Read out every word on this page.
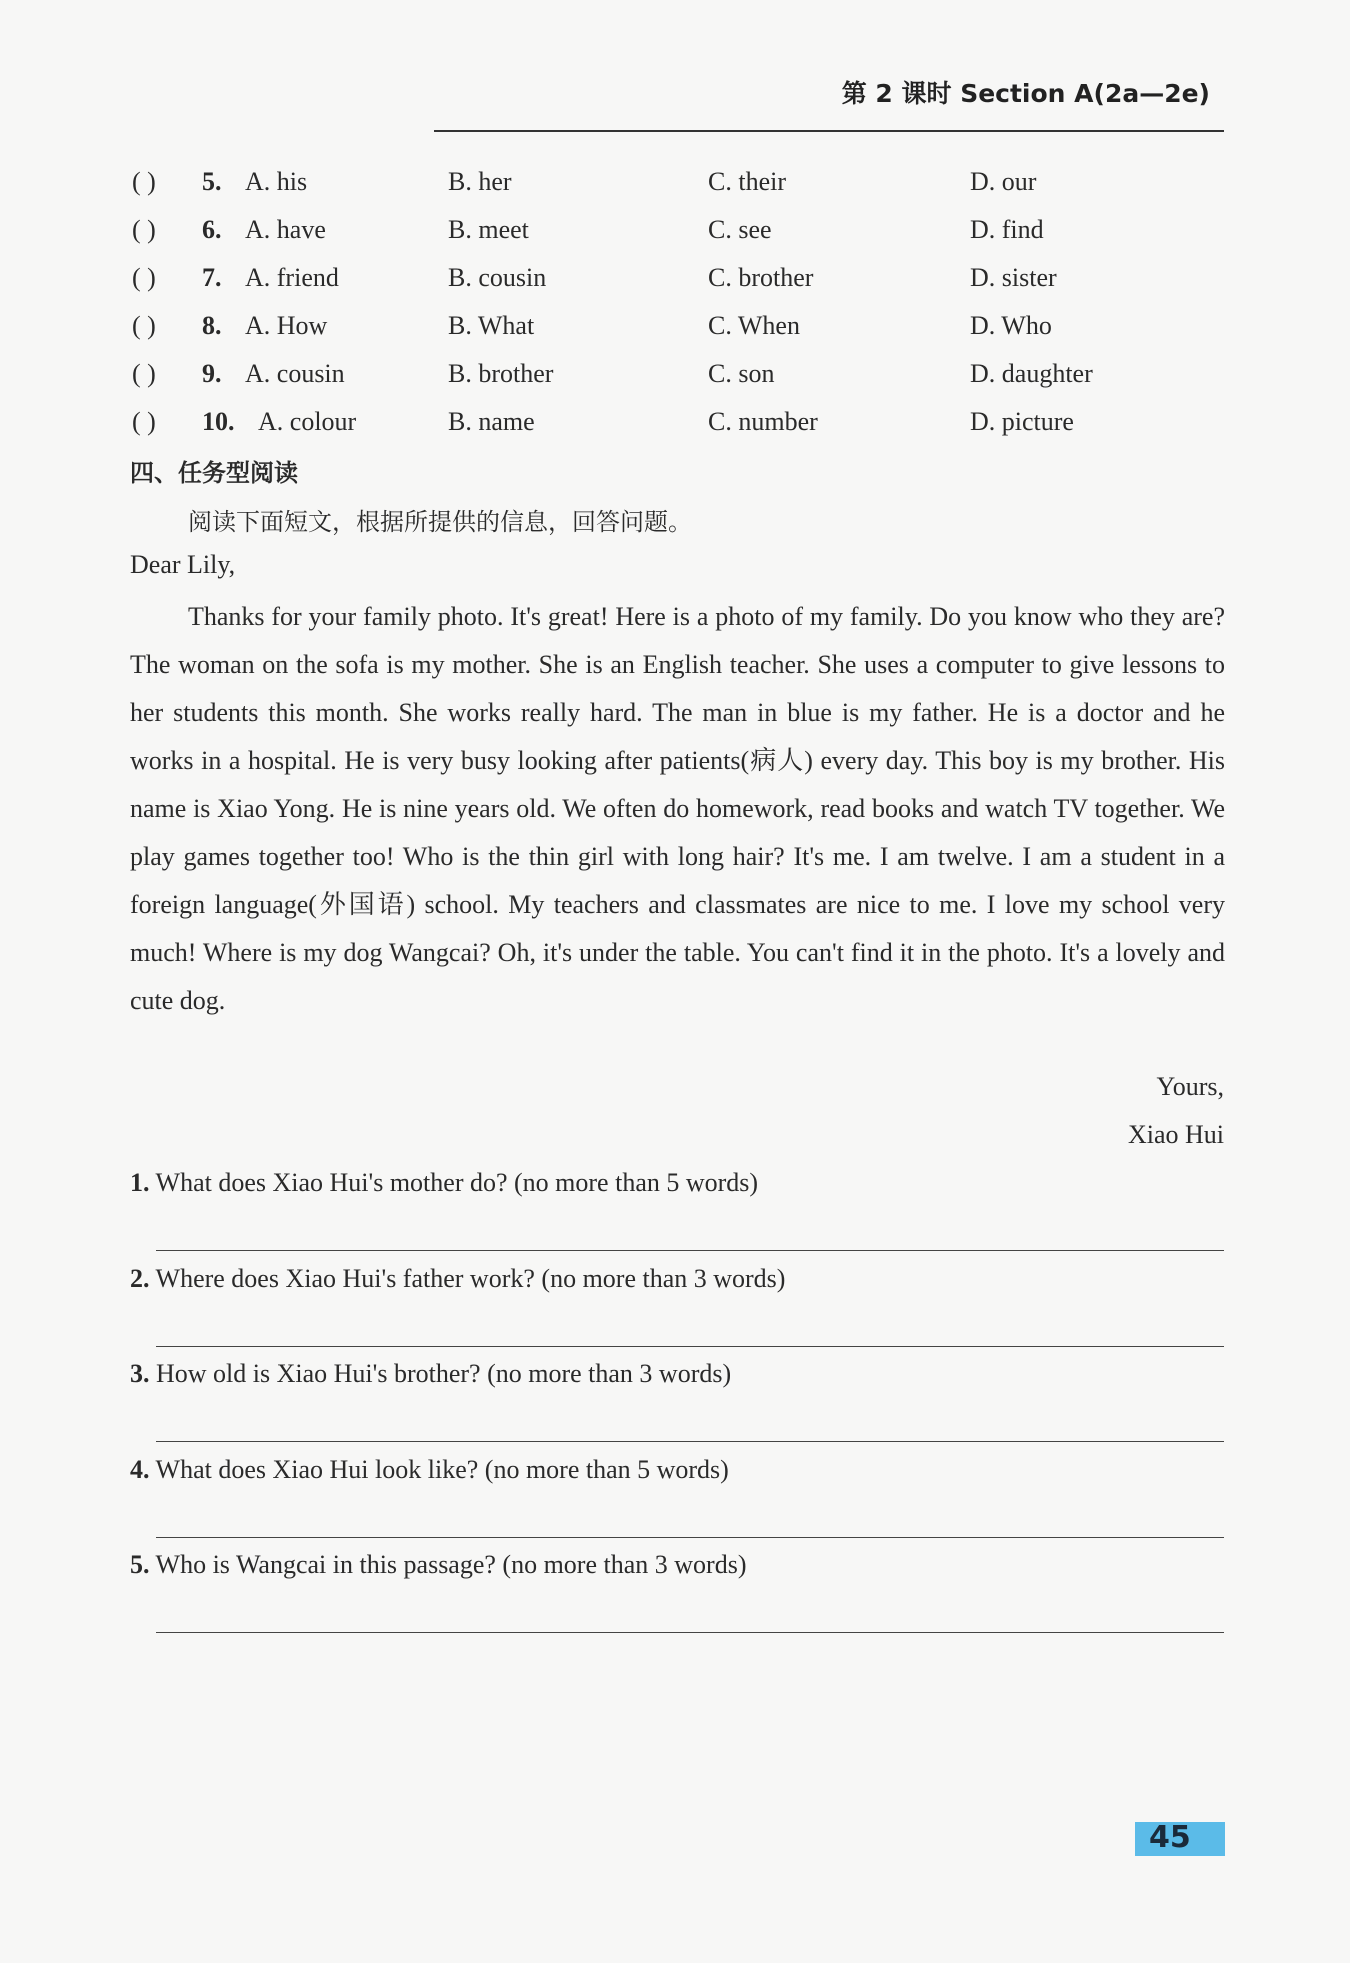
第 2 课时 Section A(2a—2e)
( ) 5. A. his	B. her	C. their	D. our
( ) 6. A. have	B. meet	C. see	D. find
( ) 7. A. friend	B. cousin	C. brother	D. sister
( ) 8. A. How	B. What	C. When	D. Who
( ) 9. A. cousin	B. brother	C. son	D. daughter
( ) 10. A. colour	B. name	C. number	D. picture
四、任务型阅读
阅读下面短文，根据所提供的信息，回答问题。
Dear Lily,
Thanks for your family photo. It's great! Here is a photo of my family. Do you know who they are? The woman on the sofa is my mother. She is an English teacher. She uses a computer to give lessons to her students this month. She works really hard. The man in blue is my father. He is a doctor and he works in a hospital. He is very busy looking after patients(病人) every day. This boy is my brother. His name is Xiao Yong. He is nine years old. We often do homework, read books and watch TV together. We play games together too! Who is the thin girl with long hair? It's me. I am twelve. I am a student in a foreign language(外国语) school. My teachers and classmates are nice to me. I love my school very much! Where is my dog Wangcai? Oh, it's under the table. You can't find it in the photo. It's a lovely and cute dog.
Yours,
Xiao Hui
1. What does Xiao Hui's mother do? (no more than 5 words)
2. Where does Xiao Hui's father work? (no more than 3 words)
3. How old is Xiao Hui's brother? (no more than 3 words)
4. What does Xiao Hui look like? (no more than 5 words)
5. Who is Wangcai in this passage? (no more than 3 words)
45
